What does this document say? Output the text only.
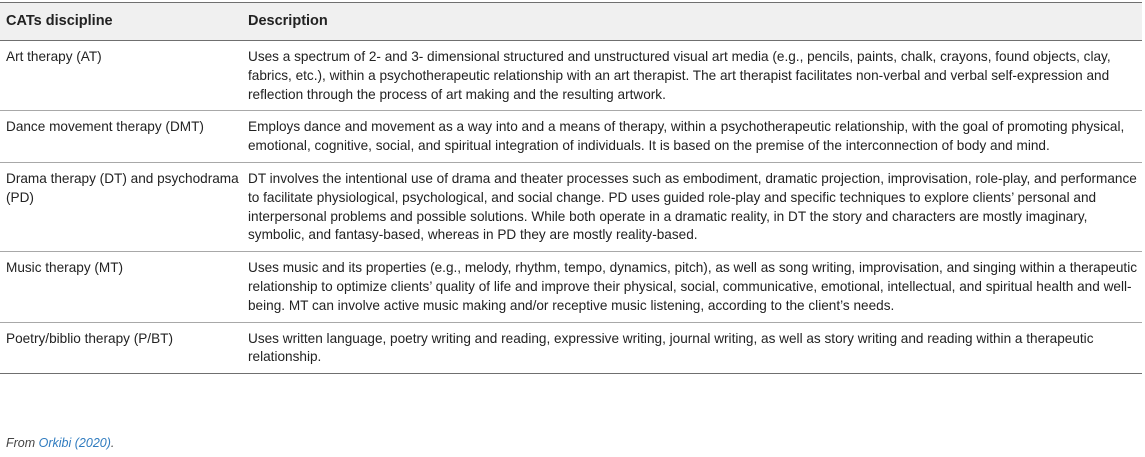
CATs discipline	Description
Art therapy (AT)	Uses a spectrum of 2- and 3- dimensional structured and unstructured visual art media (e.g., pencils, paints, chalk, crayons, found objects, clay, fabrics, etc.), within a psychotherapeutic relationship with an art therapist. The art therapist facilitates non-verbal and verbal self-expression and reflection through the process of art making and the resulting artwork.
Dance movement therapy (DMT)	Employs dance and movement as a way into and a means of therapy, within a psychotherapeutic relationship, with the goal of promoting physical, emotional, cognitive, social, and spiritual integration of individuals. It is based on the premise of the interconnection of body and mind.
Drama therapy (DT) and psychodrama (PD)	DT involves the intentional use of drama and theater processes such as embodiment, dramatic projection, improvisation, role-play, and performance to facilitate physiological, psychological, and social change. PD uses guided role-play and specific techniques to explore clients’ personal and interpersonal problems and possible solutions. While both operate in a dramatic reality, in DT the story and characters are mostly imaginary, symbolic, and fantasy-based, whereas in PD they are mostly reality-based.
Music therapy (MT)	Uses music and its properties (e.g., melody, rhythm, tempo, dynamics, pitch), as well as song writing, improvisation, and singing within a therapeutic relationship to optimize clients’ quality of life and improve their physical, social, communicative, emotional, intellectual, and spiritual health and well-being. MT can involve active music making and/or receptive music listening, according to the client’s needs.
Poetry/biblio therapy (P/BT)	Uses written language, poetry writing and reading, expressive writing, journal writing, as well as story writing and reading within a therapeutic relationship.
From Orkibi (2020).
